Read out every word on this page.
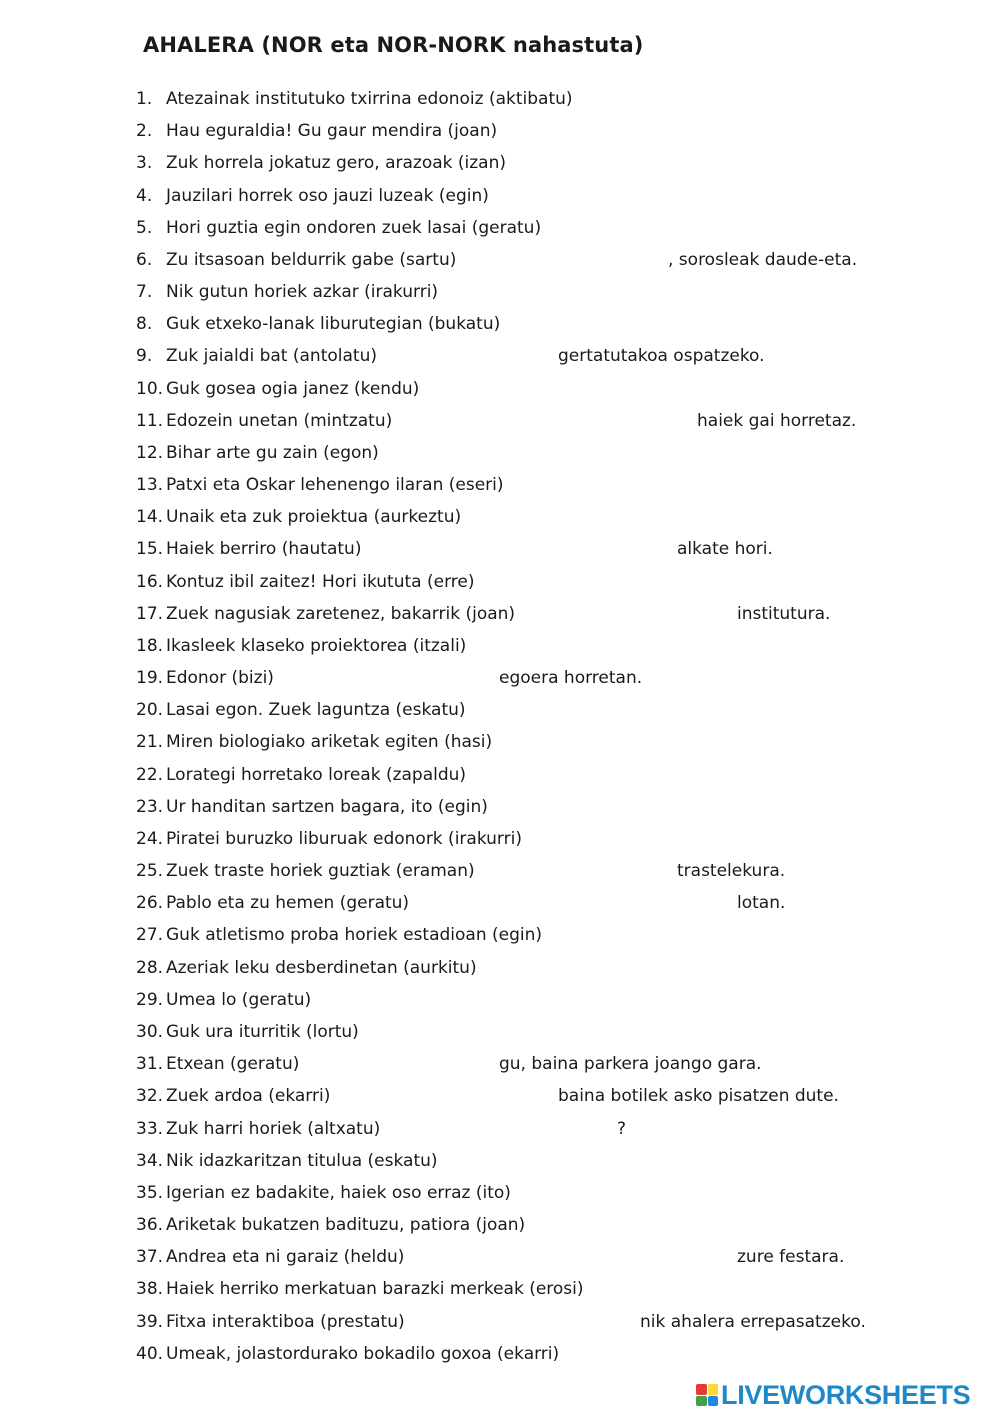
AHALERA (NOR eta NOR-NORK nahastuta)
1. Atezainak institutuko txirrina edonoiz (aktibatu)
2. Hau eguraldia! Gu gaur mendira (joan)
3. Zuk horrela jokatuz gero, arazoak (izan)
4. Jauzilari horrek oso jauzi luzeak (egin)
5. Hori guztia egin ondoren zuek lasai (geratu)
6. Zu itsasoan beldurrik gabe (sartu)	, sorosleak daude-eta.
7. Nik gutun horiek azkar (irakurri)
8. Guk etxeko-lanak liburutegian (bukatu)
9. Zuk jaialdi bat (antolatu)	gertatutakoa ospatzeko.
10. Guk gosea ogia janez (kendu)
11. Edozein unetan (mintzatu)	haiek gai horretaz.
12. Bihar arte gu zain (egon)
13. Patxi eta Oskar lehenengo ilaran (eseri)
14. Unaik eta zuk proiektua (aurkeztu)
15. Haiek berriro (hautatu)	alkate hori.
16. Kontuz ibil zaitez! Hori ikututa (erre)
17. Zuek nagusiak zaretenez, bakarrik (joan)	institutura.
18. Ikasleek klaseko proiektorea (itzali)
19. Edonor (bizi)	egoera horretan.
20. Lasai egon. Zuek laguntza (eskatu)
21. Miren biologiako ariketak egiten (hasi)
22. Lorategi horretako loreak (zapaldu)
23. Ur handitan sartzen bagara, ito (egin)
24. Piratei buruzko liburuak edonork (irakurri)
25. Zuek traste horiek guztiak (eraman)	trastelekura.
26. Pablo eta zu hemen (geratu)	lotan.
27. Guk atletismo proba horiek estadioan (egin)
28. Azeriak leku desberdinetan (aurkitu)
29. Umea lo (geratu)
30. Guk ura iturritik (lortu)
31. Etxean (geratu)	gu, baina parkera joango gara.
32. Zuek ardoa (ekarri)	baina botilek asko pisatzen dute.
33. Zuk harri horiek (altxatu)	?
34. Nik idazkaritzan titulua (eskatu)
35. Igerian ez badakite, haiek oso erraz (ito)
36. Ariketak bukatzen badituzu, patiora (joan)
37. Andrea eta ni garaiz (heldu)	zure festara.
38. Haiek herriko merkatuan barazki merkeak (erosi)
39. Fitxa interaktiboa (prestatu)	nik ahalera errepasatzeko.
40. Umeak, jolastordurako bokadilo goxoa (ekarri)
LIVEWORKSHEETS
